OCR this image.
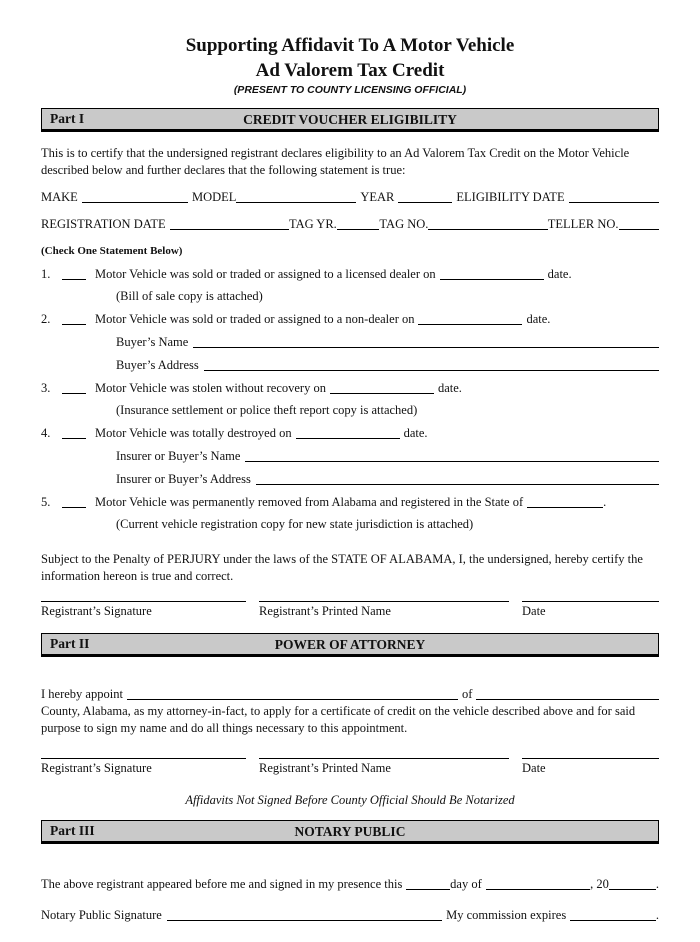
Supporting Affidavit To A Motor Vehicle
Ad Valorem Tax Credit
(PRESENT TO COUNTY LICENSING OFFICIAL)
Part I	CREDIT VOUCHER ELIGIBILITY

This is to certify that the undersigned registrant declares eligibility to an Ad Valorem Tax Credit on the Motor Vehicle described below and further declares that the following statement is true:

MAKE	MODEL	YEAR	ELIGIBILITY DATE
REGISTRATION DATE	TAG YR.	TAG NO.	TELLER NO.
(Check One Statement Below)
1.	Motor Vehicle was sold or traded or assigned to a licensed dealer on	date.
(Bill of sale copy is attached)
2.	Motor Vehicle was sold or traded or assigned to a non-dealer on	date.
Buyer’s Name
Buyer’s Address
3.	Motor Vehicle was stolen without recovery on	date.
(Insurance settlement or police theft report copy is attached)
4.	Motor Vehicle was totally destroyed on	date.
Insurer or Buyer’s Name
Insurer or Buyer’s Address
5.	Motor Vehicle was permanently removed from Alabama and registered in the State of	.
(Current vehicle registration copy for new state jurisdiction is attached)

Subject to the Penalty of PERJURY under the laws of the STATE OF ALABAMA, I, the undersigned, hereby certify the information hereon is true and correct.

Registrant’s Signature	Registrant’s Printed Name	Date
Part II	POWER OF ATTORNEY
I hereby appoint	of

County, Alabama, as my attorney-in-fact, to apply for a certificate of credit on the vehicle described above and for said purpose to sign my name and do all things necessary to this appointment.

Registrant’s Signature	Registrant’s Printed Name	Date
Affidavits Not Signed Before County Official Should Be Notarized
Part III	NOTARY PUBLIC
The above registrant appeared before me and signed in my presence this	day of	, 20	.
Notary Public Signature	My commission expires	.
